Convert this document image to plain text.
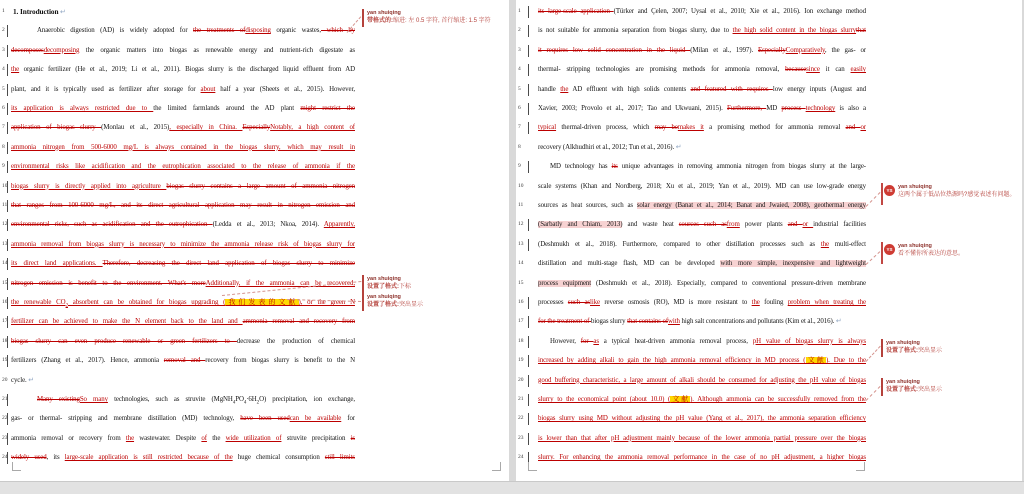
1	1. Introduction ↵
2	Anaerobic digestion (AD) is widely adopted for the treatments ofdisposing organic wastes, which by
3 decomposesdecomposing the organic matters into biogas as renewable energy and nutrient-rich digestate as
4 the organic fertilizer (He et al., 2019; Li et al., 2011). Biogas slurry is the discharged liquid effluent from AD
5 plant, and it is typically used as fertilizer after storage for about half a year (Sheets et al., 2015). However,
6 its application is always restricted due to the limited farmlands around the AD plant might restrict the
7 application of biogas slurry (Monlau et al., 2015), especially in China. EspeciallyNotably, a high content of
8 ammonia nitrogen from 500-6000 mg/L is always contained in the biogas slurry, which may result in
9 environmental risks like acidification and the eutrophication associated to the release of ammonia if the
10 biogas slurry is directly applied into agriculture biogas slurry contains a large amount of ammonia nitrogen
11 that ranges from 100-6000 mg/L, and its direct agricultural application may result in nitrogen emission and
12 environmental risks, such as acidification and the eutrophication (Ledda et al., 2013; Nkoa, 2014). Apparently,
13 ammonia removal from biogas slurry is necessary to minimize the ammonia release risk of biogas slurry for
14 its direct land applications. Therefore, decreasing the direct land application of biogas slurry to minimize
15 nitrogen emission is benefit to the environment. What's moreAdditionally, if the ammonia can be recovered,
16 the renewable $CO_2$ absorbent can be obtained for biogas upgrading (我们发表的文献), or the green N
17 fertilizer can be achieved to make the N element back to the land and ammonia removal and recovery from
18 biogas slurry can even produce renewable or green fertilizers to decrease the production of chemical
19 fertilizers (Zhang et al., 2017). Hence, ammonia removal and recovery from biogas slurry is benefit to the N
20 cycle. ↵
21	Many existingSo many technologies, such as struvite $(MgNH_4PO_4\cdot 6H_2O)$ precipitation, ion exchange,
22 gas- or thermal- stripping and membrane distillation (MD) technology, have been usedcan be available for
23 ammonia removal or recovery from the wastewater. Despite of the wide utilization of struvite precipitation is
24 widely used, its large-scale application is still restricted because of the huge chemical consumption still limits
yan shuiqing
带格式的:缩进: 左 0.5 字符, 首行缩进: 1.5 字符
yan shuiqing
设置了格式:下标
yan shuiqing
设置了格式:突出显示
1	its large-scale application (Türker and Çelen, 2007; Uysal et al., 2010; Xie et al., 2016). Ion exchange method
2	is not suitable for ammonia separation from biogas slurry, due to the high solid content in the biogas slurrythat
3	it requires low solid concentration in the liquid (Milan et al., 1997). EspeciallyComparatively, the gas- or
4	thermal- stripping technologies are promising methods for ammonia removal, becausesince it can easily
5	handle the AD effluent with high solids contents and featured with requires low energy inputs (August and
6	Xavier, 2003; Provolo et al., 2017; Tao and Ukwuani, 2015). Furthermore, MD process technology is also a
7	typical thermal-driven process, which may bemakes it a promising method for ammonia removal and or
8	recovery (Alkhudhiri et al., 2012; Tun et al., 2016). ↵
9	MD technology has its unique advantages in removing ammonia nitrogen from biogas slurry at the large-
10	scale systems (Khan and Nordberg, 2018; Xu et al., 2019; Yan et al., 2019). MD can use low-grade energy
11	sources as heat sources, such as solar energy (Banat et al., 2014; Banat and Jwaied, 2008), geothermal energy
12	(Sarbatly and Chiam, 2013) and waste heat sources such asfrom power plants and or industrial facilities
13	(Deshmukh et al., 2018). Furthermore, compared to other distillation processes such as the multi-effect
14	distillation and multi-stage flash, MD can be developed with more simple, inexpensive and lightweight
15	process equipment (Deshmukh et al., 2018). Especially, compared to conventional pressure-driven membrane
16	processes such aslike reverse osmosis (RO), MD is more resistant to the fouling problem when treating the
17	for the treatment of biogas slurry that contains ofwith high salt concentrations and pollutants (Kim et al., 2016). ↵
18	However, for as a typical heat-driven ammonia removal process, pH value of biogas slurry is always
19	increased by adding alkali to gain the high ammonia removal efficiency in MD process (文献). Due to the
20	good buffering characteristic, a large amount of alkali should be consumed for adjusting the pH value of biogas
21	slurry to the economical point (about 10.0) (文献). Although ammonia can be successfully removed from the
22	biogas slurry using MD without adjusting the pH value (Yang et al., 2017), the ammonia separation efficiency
23	is lower than that after pH adjustment mainly because of the lower ammonia partial pressure over the biogas
24	slurry. For enhancing the ammonia removal performance in the case of no pH adjustment, a higher biogas
YS
yan shuiqing
这两个属于低品位热源吗?感觉表述有问题。
YS
yan shuiqing
看不懂你所表达的意思。
yan shuiqing
设置了格式:突出显示
yan shuiqing
设置了格式:突出显示
